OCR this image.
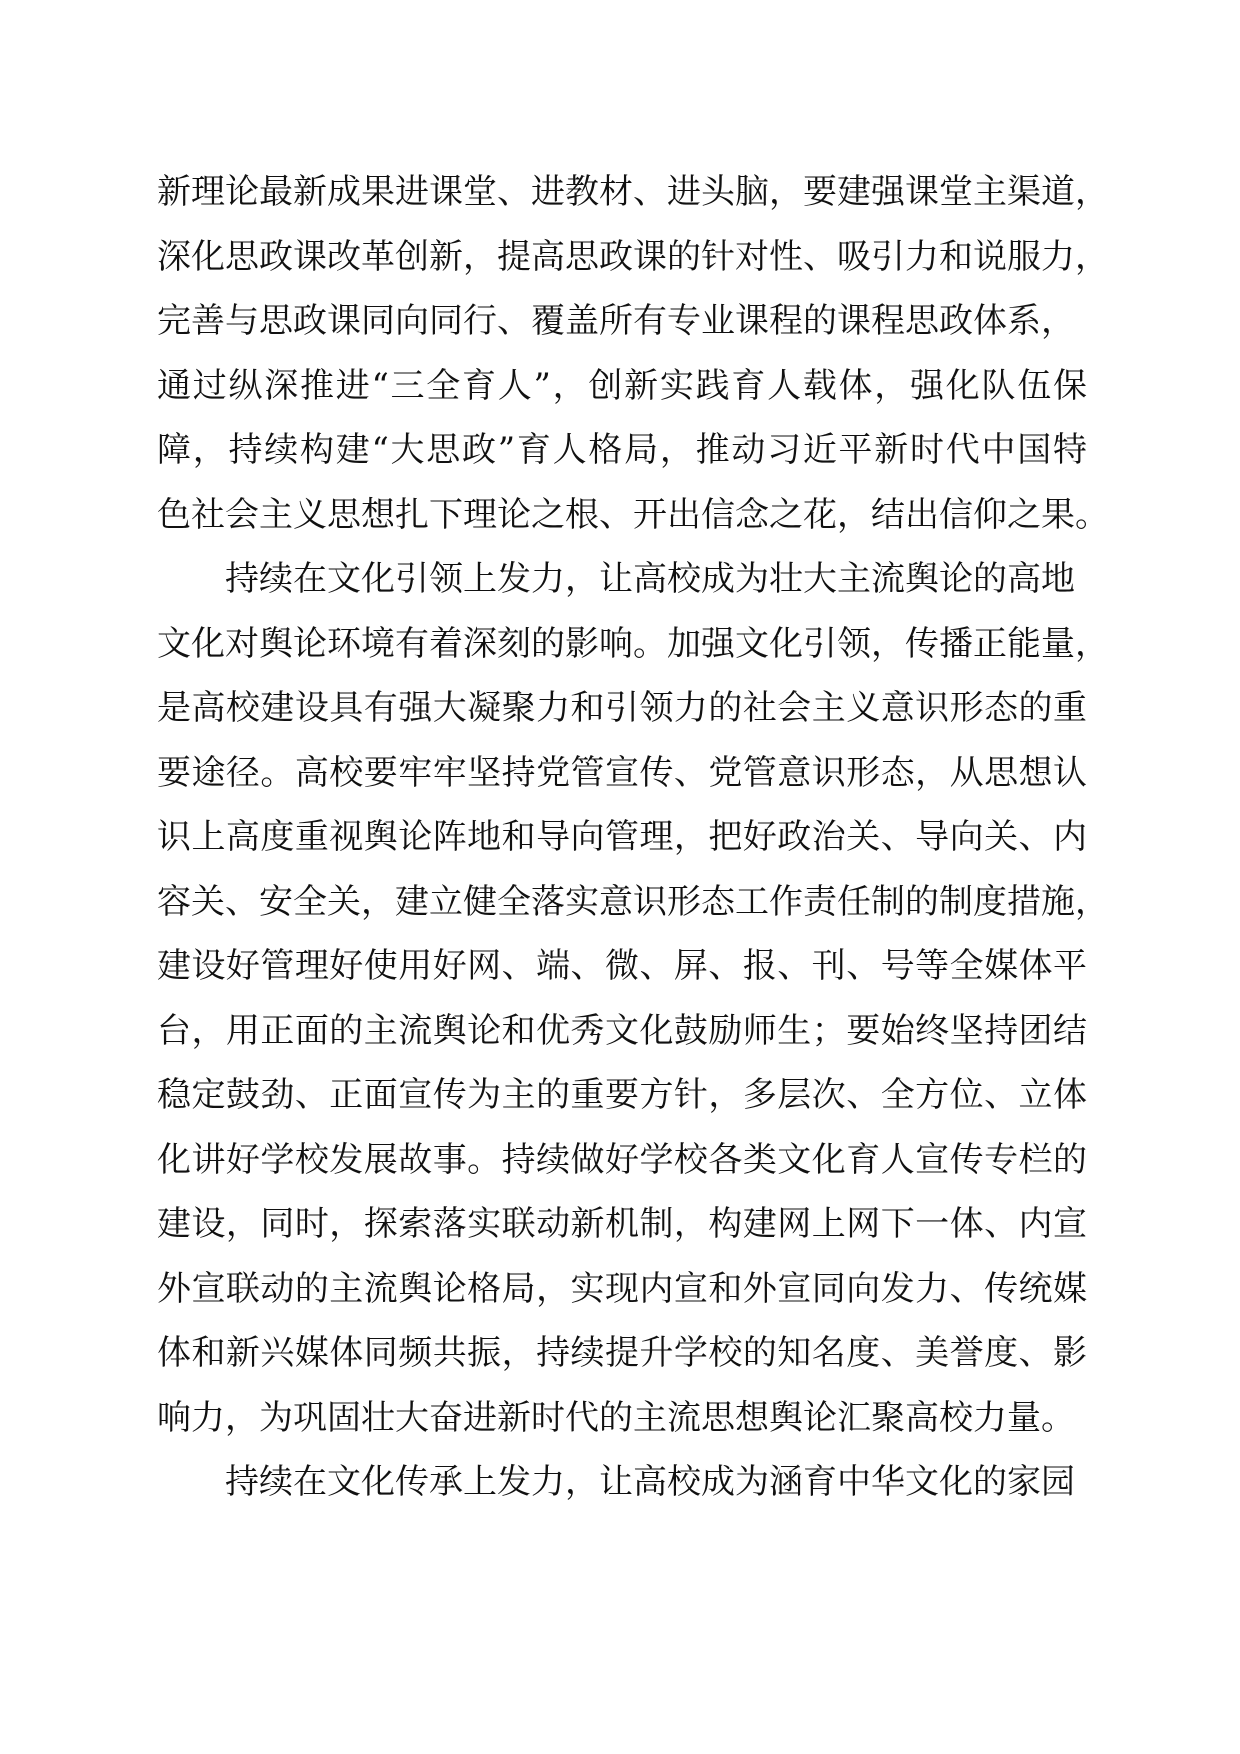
新理论最新成果进课堂、进教材、进头脑，要建强课堂主渠道，
深化思政课改革创新，提高思政课的针对性、吸引力和说服力，
完善与思政课同向同行、覆盖所有专业课程的课程思政体系，
通过纵深推进“三全育人”，创新实践育人载体，强化队伍保
障，持续构建“大思政”育人格局，推动习近平新时代中国特
色社会主义思想扎下理论之根、开出信念之花，结出信仰之果。
持续在文化引领上发力，让高校成为壮大主流舆论的高地
文化对舆论环境有着深刻的影响。加强文化引领，传播正能量，
是高校建设具有强大凝聚力和引领力的社会主义意识形态的重
要途径。高校要牢牢坚持党管宣传、党管意识形态，从思想认
识上高度重视舆论阵地和导向管理，把好政治关、导向关、内
容关、安全关，建立健全落实意识形态工作责任制的制度措施，
建设好管理好使用好网、端、微、屏、报、刊、号等全媒体平
台，用正面的主流舆论和优秀文化鼓励师生；要始终坚持团结
稳定鼓劲、正面宣传为主的重要方针，多层次、全方位、立体
化讲好学校发展故事。持续做好学校各类文化育人宣传专栏的
建设，同时，探索落实联动新机制，构建网上网下一体、内宣
外宣联动的主流舆论格局，实现内宣和外宣同向发力、传统媒
体和新兴媒体同频共振，持续提升学校的知名度、美誉度、影
响力，为巩固壮大奋进新时代的主流思想舆论汇聚高校力量。
持续在文化传承上发力，让高校成为涵育中华文化的家园
